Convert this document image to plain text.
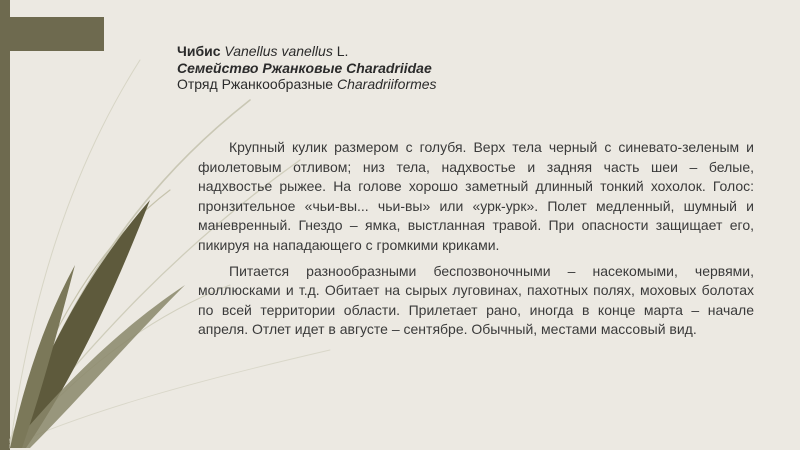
Чибис Vanellus vanellus L.
Семейство Ржанковые Charadriidae
Отряд Ржанкообразные Charadriiformes

Крупный кулик размером с голубя. Верх тела черный с синевато-зеленым и фиолетовым отливом; низ тела, надхвостье и задняя часть шеи – белые, надхвостье рыжее. На голове хорошо заметный длинный тонкий хохолок. Голос: пронзительное «чьи-вы... чьи-вы» или «урк-урк». Полет медленный, шумный и маневренный. Гнездо – ямка, выстланная травой. При опасности защищает его, пикируя на нападающего с громкими криками.

Питается разнообразными беспозвоночными – насекомыми, червями, моллюсками и т.д. Обитает на сырых луговинах, пахотных полях, моховых болотах по всей территории области. Прилетает рано, иногда в конце марта – начале апреля. Отлет идет в августе – сентябре. Обычный, местами массовый вид.
